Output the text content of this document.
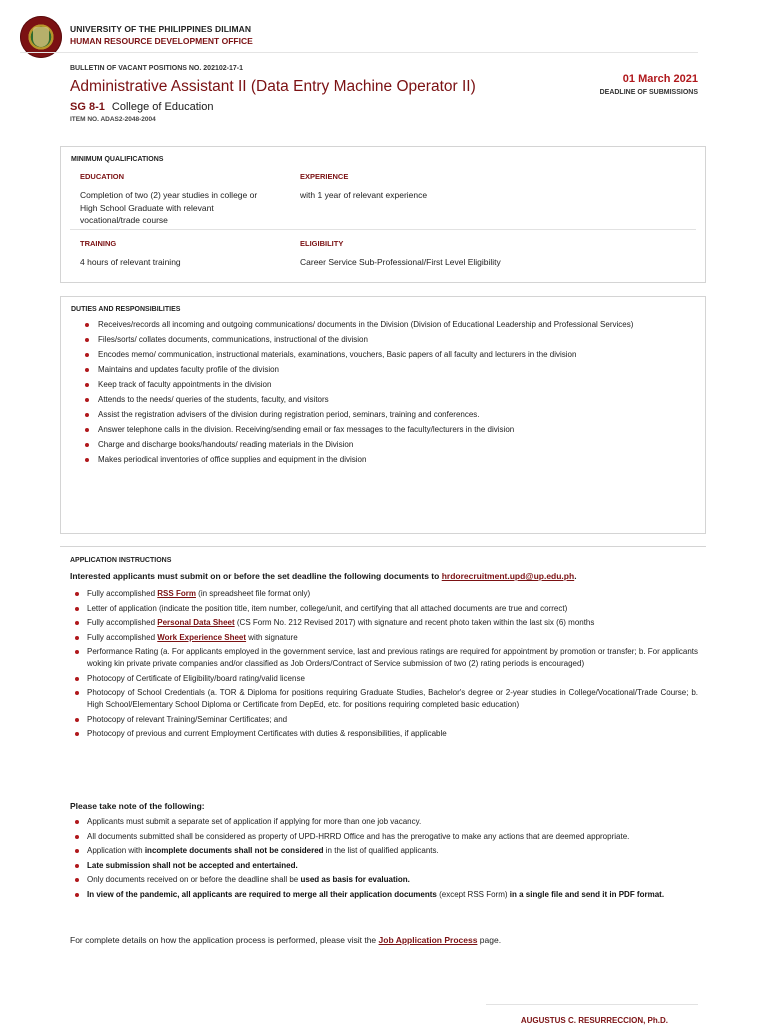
UNIVERSITY OF THE PHILIPPINES DILIMAN
HUMAN RESOURCE DEVELOPMENT OFFICE
BULLETIN OF VACANT POSITIONS NO. 202102-17-1
Administrative Assistant II (Data Entry Machine Operator II)
SG 8-1 College of Education
ITEM NO. ADAS2-2048-2004
01 March 2021
DEADLINE OF SUBMISSIONS
MINIMUM QUALIFICATIONS
EDUCATION
Completion of two (2) year studies in college or High School Graduate with relevant vocational/trade course
EXPERIENCE
with 1 year of relevant experience
TRAINING
4 hours of relevant training
ELIGIBILITY
Career Service Sub-Professional/First Level Eligibility
DUTIES AND RESPONSIBILITIES
Receives/records all incoming and outgoing communications/ documents in the Division (Division of Educational Leadership and Professional Services)
Files/sorts/ collates documents, communications, instructional of the division
Encodes memo/ communication, instructional materials, examinations, vouchers, Basic papers of all faculty and lecturers in the division
Maintains and updates faculty profile of the division
Keep track of faculty appointments in the division
Attends to the needs/ queries of the students, faculty, and visitors
Assist the registration advisers of the division during registration period, seminars, training and conferences.
Answer telephone calls in the division. Receiving/sending email or fax messages to the faculty/lecturers in the division
Charge and discharge books/handouts/ reading materials in the Division
Makes periodical inventories of office supplies and equipment in the division
APPLICATION INSTRUCTIONS
Interested applicants must submit on or before the set deadline the following documents to hrdorecruitment.upd@up.edu.ph.
Fully accomplished RSS Form (in spreadsheet file format only)
Letter of application (indicate the position title, item number, college/unit, and certifying that all attached documents are true and correct)
Fully accomplished Personal Data Sheet (CS Form No. 212 Revised 2017) with signature and recent photo taken within the last six (6) months
Fully accomplished Work Experience Sheet with signature
Performance Rating (a. For applicants employed in the government service, last and previous ratings are required for appointment by promotion or transfer; b. For applicants woking kin private private companies and/or classified as Job Orders/Contract of Service submission of two (2) rating periods is encouraged)
Photocopy of Certificate of Eligibility/board rating/valid license
Photocopy of School Credentials (a. TOR & Diploma for positions requiring Graduate Studies, Bachelor's degree or 2-year studies in College/Vocational/Trade Course; b. High School/Elementary School Diploma or Certificate from DepEd, etc. for positions requiring completed basic education)
Photocopy of relevant Training/Seminar Certificates; and
Photocopy of previous and current Employment Certificates with duties & responsibilities, if applicable
Please take note of the following:
Applicants must submit a separate set of application if applying for more than one job vacancy.
All documents submitted shall be considered as property of UPD-HRRD Office and has the prerogative to make any actions that are deemed appropriate.
Application with incomplete documents shall not be considered in the list of qualified applicants.
Late submission shall not be accepted and entertained.
Only documents received on or before the deadline shall be used as basis for evaluation.
In view of the pandemic, all applicants are required to merge all their application documents (except RSS Form) in a single file and send it in PDF format.
For complete details on how the application process is performed, please visit the Job Application Process page.
AUGUSTUS C. RESURRECCION, Ph.D.
